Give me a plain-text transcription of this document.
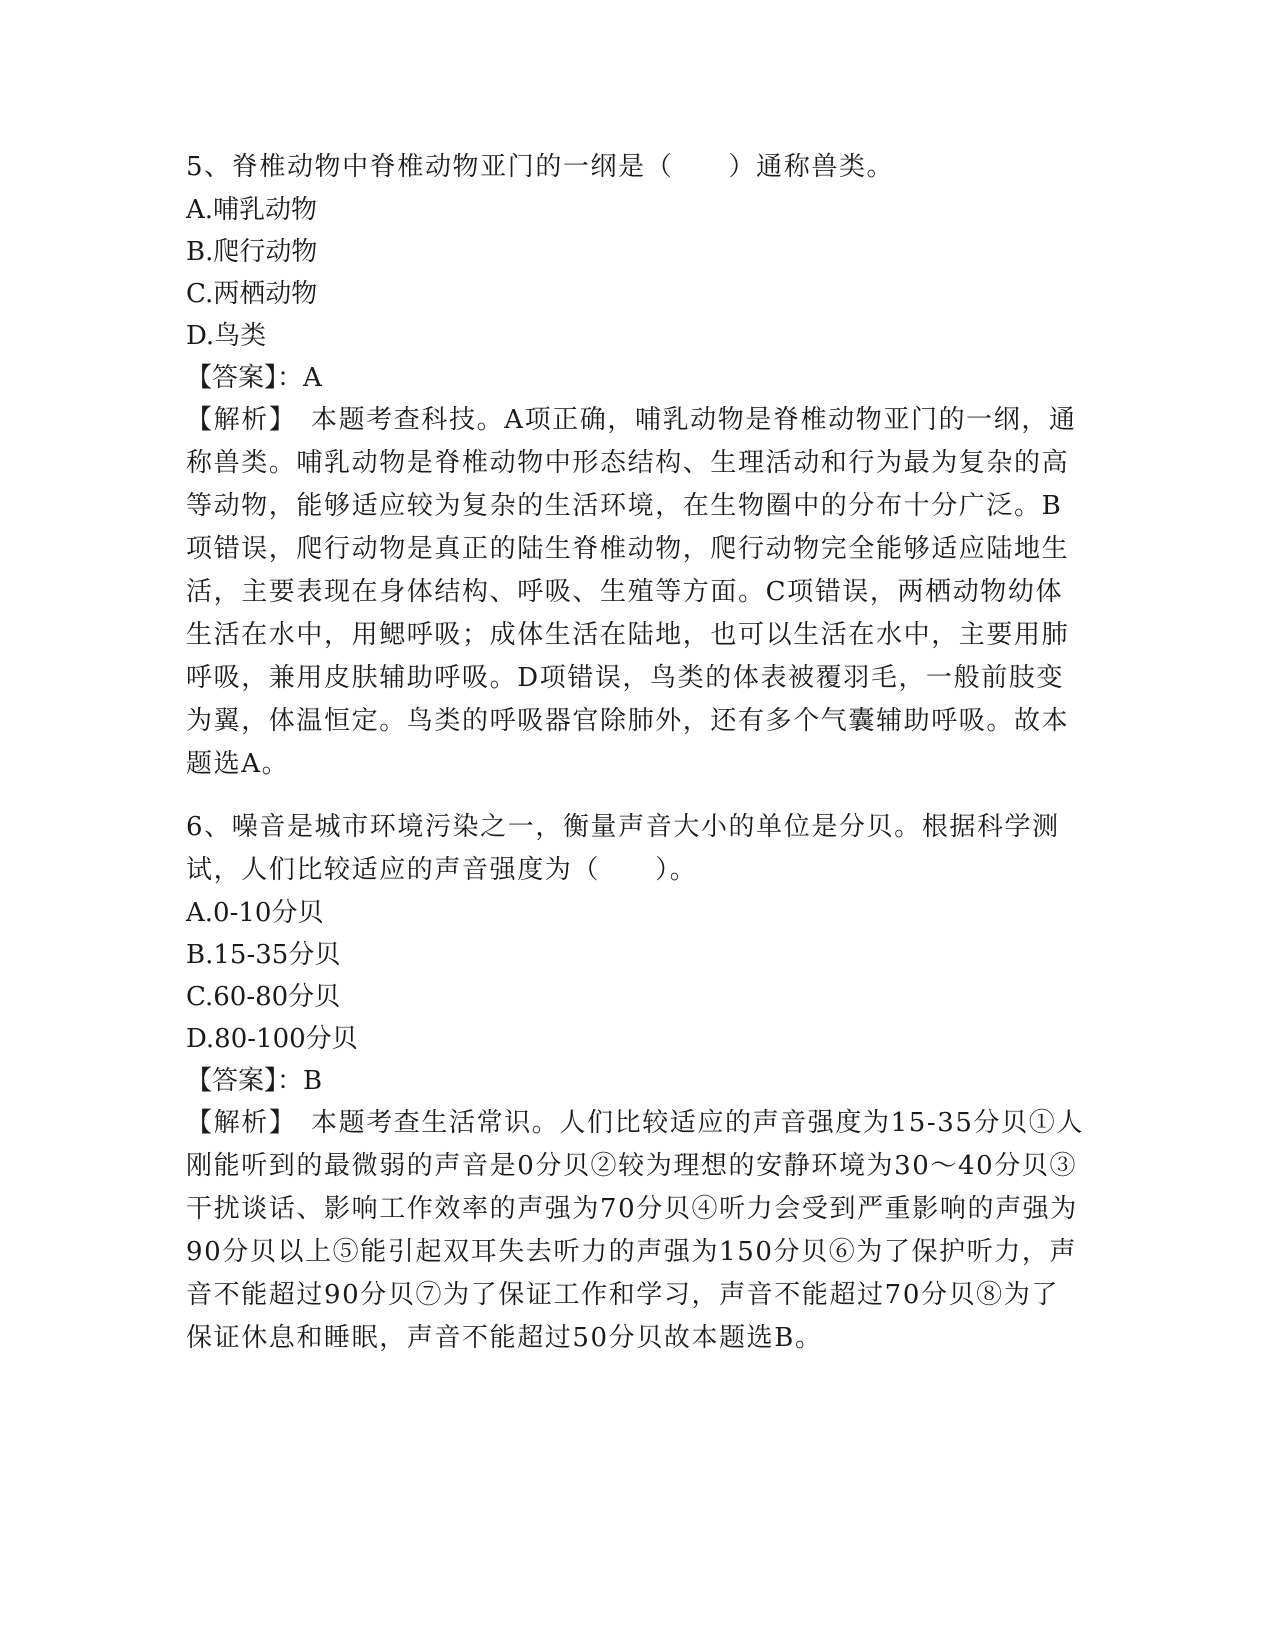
5、脊椎动物中脊椎动物亚门的一纲是（　　）通称兽类。

A.哺乳动物
B.爬行动物
C.两栖动物
D.鸟类
【答案】：A

【解析】　本题考查科技。A项正确，哺乳动物是脊椎动物亚门的一纲，通称兽类。哺乳动物是脊椎动物中形态结构、生理活动和行为最为复杂的高等动物，能够适应较为复杂的生活环境，在生物圈中的分布十分广泛。B项错误，爬行动物是真正的陆生脊椎动物，爬行动物完全能够适应陆地生活，主要表现在身体结构、呼吸、生殖等方面。C项错误，两栖动物幼体生活在水中，用鳃呼吸；成体生活在陆地，也可以生活在水中，主要用肺呼吸，兼用皮肤辅助呼吸。D项错误，鸟类的体表被覆羽毛，一般前肢变为翼，体温恒定。鸟类的呼吸器官除肺外，还有多个气囊辅助呼吸。故本题选A。

6、噪音是城市环境污染之一，衡量声音大小的单位是分贝。根据科学测试，人们比较适应的声音强度为（　　）。

A.0-10分贝
B.15-35分贝
C.60-80分贝
D.80-100分贝
【答案】：B

【解析】　本题考查生活常识。人们比较适应的声音强度为15-35分贝①人刚能听到的最微弱的声音是0分贝②较为理想的安静环境为30～40分贝③干扰谈话、影响工作效率的声强为70分贝④听力会受到严重影响的声强为90分贝以上⑤能引起双耳失去听力的声强为150分贝⑥为了保护听力，声音不能超过90分贝⑦为了保证工作和学习，声音不能超过70分贝⑧为了保证休息和睡眠，声音不能超过50分贝故本题选B。
